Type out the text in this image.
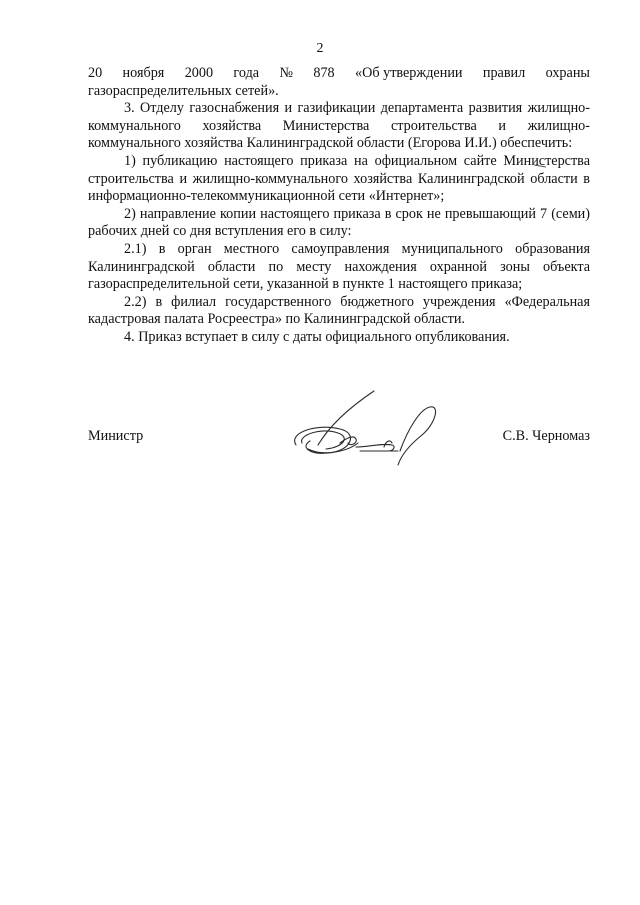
2

20 ноября 2000 года № 878 «Об утверждении правил охраны

газораспределительных сетей».

3. Отделу газоснабжения и газификации департамента развития жилищно-коммунального хозяйства Министерства строительства и жилищно-коммунального хозяйства Калининградской области (Егорова И.И.) обеспечить:

1) публикацию настоящего приказа на официальном сайте Министерства строительства и жилищно-коммунального хозяйства Калининградской области в информационно-телекоммуникационной сети «Интернет»;

2) направление копии настоящего приказа в срок не превышающий 7 (семи) рабочих дней со дня вступления его в силу:

2.1) в орган местного самоуправления муниципального образования Калининградской области по месту нахождения охранной зоны объекта газораспределительной сети, указанной в пункте 1 настоящего приказа;

2.2) в филиал государственного бюджетного учреждения «Федеральная кадастровая палата Росреестра» по Калининградской области.

4. Приказ вступает в силу с даты официального опубликования.

Министр	С.В. Черномаз
